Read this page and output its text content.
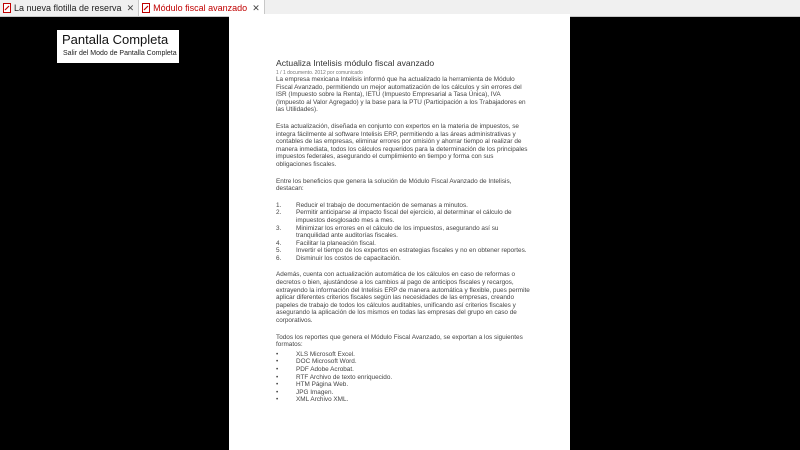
La nueva flotilla de reserva ✕ Módulo fiscal avanzado ✕
Pantalla Completa
Salir del Modo de Pantalla Completa
Actualiza Intelisis módulo fiscal avanzado
1 / 1 documento. 2012 por comunicado

La empresa mexicana Intelisis informó que ha actualizado la herramienta de Módulo Fiscal Avanzado, permitiendo un mejor automatización de los cálculos y sin errores del ISR (Impuesto sobre la Renta), IETU (Impuesto Empresarial a Tasa Única), IVA (Impuesto al Valor Agregado) y la base para la PTU (Participación a los Trabajadores en las Utilidades).

Esta actualización, diseñada en conjunto con expertos en la materia de impuestos, se integra fácilmente al software Intelisis ERP, permitiendo a las áreas administrativas y contables de las empresas, eliminar errores por omisión y ahorrar tiempo al realizar de manera inmediata, todos los cálculos requeridos para la determinación de los principales impuestos federales, asegurando el cumplimiento en tiempo y forma con sus obligaciones fiscales.

Entre los beneficios que genera la solución de Módulo Fiscal Avanzado de Intelisis, destacan:

1.	Reducir el trabajo de documentación de semanas a minutos.
2.	Permitir anticiparse al impacto fiscal del ejercicio, al determinar el cálculo de impuestos desglosado mes a mes.
3.	Minimizar los errores en el cálculo de los impuestos, asegurando así su tranquilidad ante auditorías fiscales.
4.	Facilitar la planeación fiscal.
5.	Invertir el tiempo de los expertos en estrategias fiscales y no en obtener reportes.
6.	Disminuir los costos de capacitación.

Además, cuenta con actualización automática de los cálculos en caso de reformas o decretos o bien, ajustándose a los cambios al pago de anticipos fiscales y recargos, extrayendo la información del Intelisis ERP de manera automática y flexible, pues permite aplicar diferentes criterios fiscales según las necesidades de las empresas, creando papeles de trabajo de todos los cálculos auditables, unificando así criterios fiscales y asegurando la aplicación de los mismos en todas las empresas del grupo en caso de corporativos.

Todos los reportes que genera el Módulo Fiscal Avanzado, se exportan a los siguientes formatos:

•	XLS Microsoft Excel.
•	DOC Microsoft Word.
•	PDF Adobe Acrobat.
•	RTF Archivo de texto enriquecido.
•	HTM Página Web.
•	JPG Imagen.
•	XML Archivo XML.
